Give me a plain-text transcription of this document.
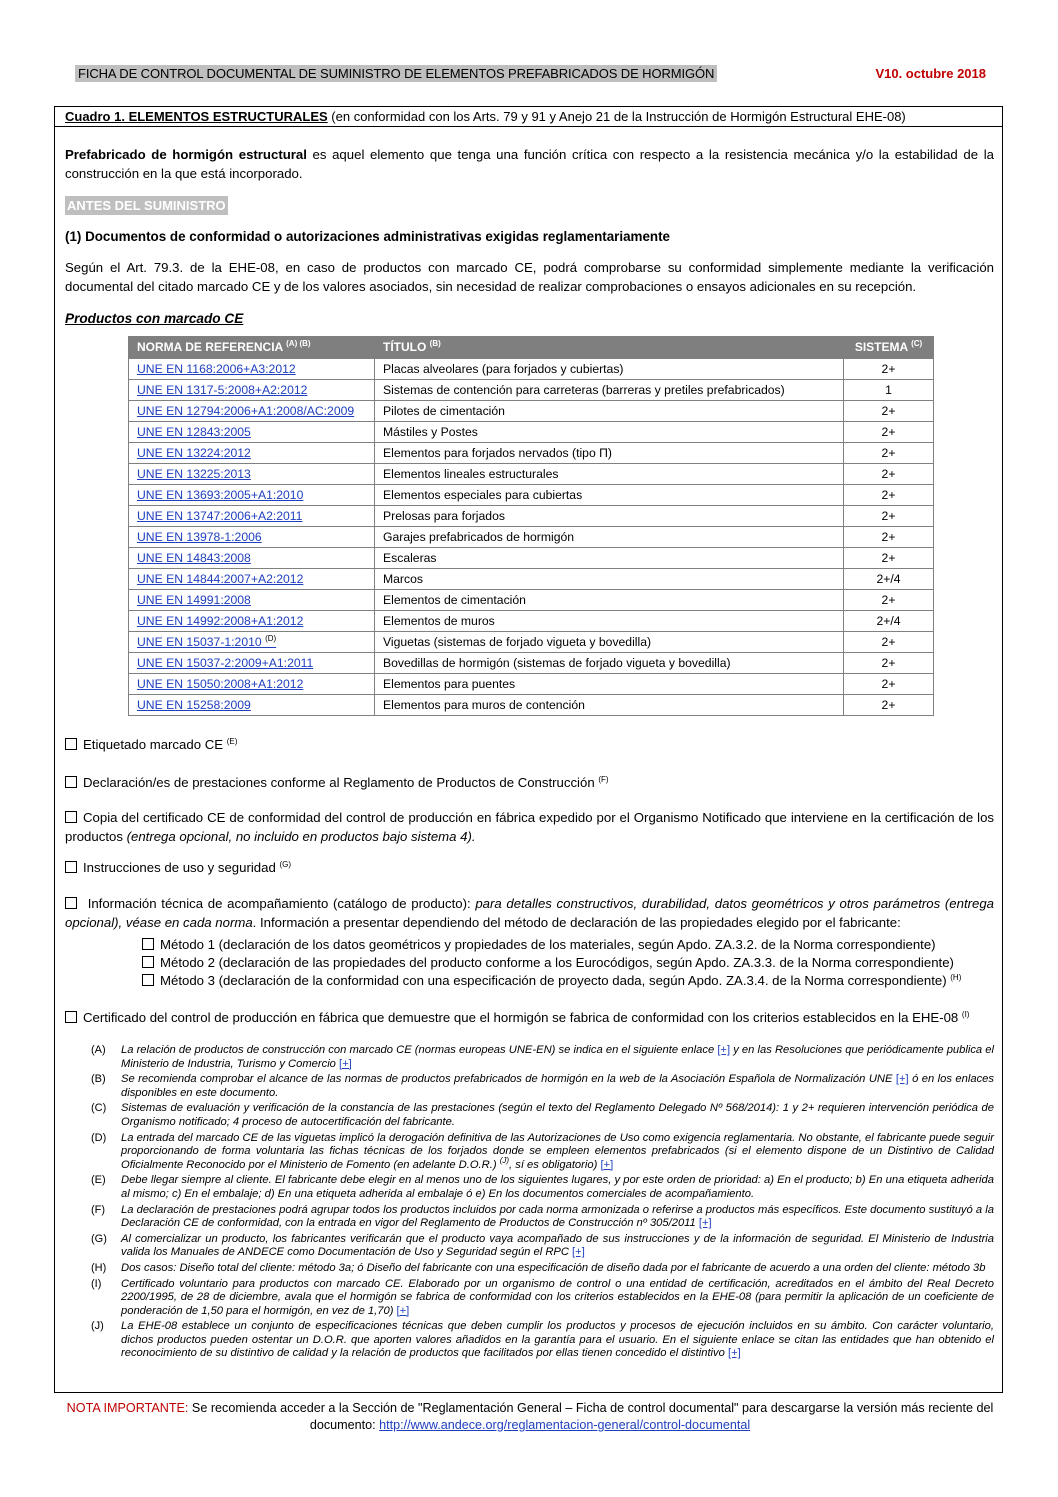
FICHA DE CONTROL DOCUMENTAL DE SUMINISTRO DE ELEMENTOS PREFABRICADOS DE HORMIGÓN	V10. octubre 2018
Cuadro 1. ELEMENTOS ESTRUCTURALES (en conformidad con los Arts. 79 y 91 y Anejo 21 de la Instrucción de Hormigón Estructural EHE-08)

Prefabricado de hormigón estructural es aquel elemento que tenga una función crítica con respecto a la resistencia mecánica y/o la estabilidad de la construcción en la que está incorporado.

ANTES DEL SUMINISTRO
(1) Documentos de conformidad o autorizaciones administrativas exigidas reglamentariamente
Según el Art. 79.3. de la EHE-08, en caso de productos con marcado CE, podrá comprobarse su conformidad simplemente mediante la verificación documental del citado marcado CE y de los valores asociados, sin necesidad de realizar comprobaciones o ensayos adicionales en su recepción.
Productos con marcado CE
NORMA DE REFERENCIA $^{(A) (B)}$	TÍTULO $^{(B)}$	SISTEMA $^{(C)}$
UNE EN 1168:2006+A3:2012	Placas alveolares (para forjados y cubiertas)	2+
UNE EN 1317-5:2008+A2:2012	Sistemas de contención para carreteras (barreras y pretiles prefabricados)	1
UNE EN 12794:2006+A1:2008/AC:2009	Pilotes de cimentación	2+
UNE EN 12843:2005	Mástiles y Postes	2+
UNE EN 13224:2012	Elementos para forjados nervados (tipo Π)	2+
UNE EN 13225:2013	Elementos lineales estructurales	2+
UNE EN 13693:2005+A1:2010	Elementos especiales para cubiertas	2+
UNE EN 13747:2006+A2:2011	Prelosas para forjados	2+
UNE EN 13978-1:2006	Garajes prefabricados de hormigón	2+
UNE EN 14843:2008	Escaleras	2+
UNE EN 14844:2007+A2:2012	Marcos	2+/4
UNE EN 14991:2008	Elementos de cimentación	2+
UNE EN 14992:2008+A1:2012	Elementos de muros	2+/4
UNE EN 15037-1:2010 $^{(D)}$	Viguetas (sistemas de forjado vigueta y bovedilla)	2+
UNE EN 15037-2:2009+A1:2011	Bovedillas de hormigón (sistemas de forjado vigueta y bovedilla)	2+
UNE EN 15050:2008+A1:2012	Elementos para puentes	2+
UNE EN 15258:2009	Elementos para muros de contención	2+

Etiquetado marcado CE $^{(E)}$

Declaración/es de prestaciones conforme al Reglamento de Productos de Construcción $^{(F)}$

Copia del certificado CE de conformidad del control de producción en fábrica expedido por el Organismo Notificado que interviene en la certificación de los productos (entrega opcional, no incluido en productos bajo sistema 4).

Instrucciones de uso y seguridad $^{(G)}$

Información técnica de acompañamiento (catálogo de producto): para detalles constructivos, durabilidad, datos geométricos y otros parámetros (entrega opcional), véase en cada norma. Información a presentar dependiendo del método de declaración de las propiedades elegido por el fabricante:

Método 1 (declaración de los datos geométricos y propiedades de los materiales, según Apdo. ZA.3.2. de la Norma correspondiente)
Método 2 (declaración de las propiedades del producto conforme a los Eurocódigos, según Apdo. ZA.3.3. de la Norma correspondiente)
Método 3 (declaración de la conformidad con una especificación de proyecto dada, según Apdo. ZA.3.4. de la Norma correspondiente) $^{(H)}$

Certificado del control de producción en fábrica que demuestre que el hormigón se fabrica de conformidad con los criterios establecidos en la EHE-08 $^{(I)}$

(A)	La relación de productos de construcción con marcado CE (normas europeas UNE-EN) se indica en el siguiente enlace [+] y en las Resoluciones que periódicamente publica el Ministerio de Industria, Turismo y Comercio [+]
(B)	Se recomienda comprobar el alcance de las normas de productos prefabricados de hormigón en la web de la Asociación Española de Normalización UNE [+] ó en los enlaces disponibles en este documento.
(C)	Sistemas de evaluación y verificación de la constancia de las prestaciones (según el texto del Reglamento Delegado Nº 568/2014): 1 y 2+ requieren intervención periódica de Organismo notificado; 4 proceso de autocertificación del fabricante.
(D)	La entrada del marcado CE de las viguetas implicó la derogación definitiva de las Autorizaciones de Uso como exigencia reglamentaria. No obstante, el fabricante puede seguir proporcionando de forma voluntaria las fichas técnicas de los forjados donde se empleen elementos prefabricados (si el elemento dispone de un Distintivo de Calidad Oficialmente Reconocido por el Ministerio de Fomento (en adelante D.O.R.) $^{(J)}$, sí es obligatorio) [+]
(E)	Debe llegar siempre al cliente. El fabricante debe elegir en al menos uno de los siguientes lugares, y por este orden de prioridad: a) En el producto; b) En una etiqueta adherida al mismo; c) En el embalaje; d) En una etiqueta adherida al embalaje ó e) En los documentos comerciales de acompañamiento.
(F)	La declaración de prestaciones podrá agrupar todos los productos incluidos por cada norma armonizada o referirse a productos más específicos. Este documento sustituyó a la Declaración CE de conformidad, con la entrada en vigor del Reglamento de Productos de Construcción nº 305/2011 [+]
(G)	Al comercializar un producto, los fabricantes verificarán que el producto vaya acompañado de sus instrucciones y de la información de seguridad. El Ministerio de Industria valida los Manuales de ANDECE como Documentación de Uso y Seguridad según el RPC [+]
(H)	Dos casos: Diseño total del cliente: método 3a; ó Diseño del fabricante con una especificación de diseño dada por el fabricante de acuerdo a una orden del cliente: método 3b
(I)	Certificado voluntario para productos con marcado CE. Elaborado por un organismo de control o una entidad de certificación, acreditados en el ámbito del Real Decreto 2200/1995, de 28 de diciembre, avala que el hormigón se fabrica de conformidad con los criterios establecidos en la EHE-08 (para permitir la aplicación de un coeficiente de ponderación de 1,50 para el hormigón, en vez de 1,70) [+]
(J)	La EHE-08 establece un conjunto de especificaciones técnicas que deben cumplir los productos y procesos de ejecución incluidos en su ámbito. Con carácter voluntario, dichos productos pueden ostentar un D.O.R. que aporten valores añadidos en la garantía para el usuario. En el siguiente enlace se citan las entidades que han obtenido el reconocimiento de su distintivo de calidad y la relación de productos que facilitados por ellas tienen concedido el distintivo [+]
NOTA IMPORTANTE: Se recomienda acceder a la Sección de "Reglamentación General – Ficha de control documental" para descargarse la versión más reciente del documento: http://www.andece.org/reglamentacion-general/control-documental
